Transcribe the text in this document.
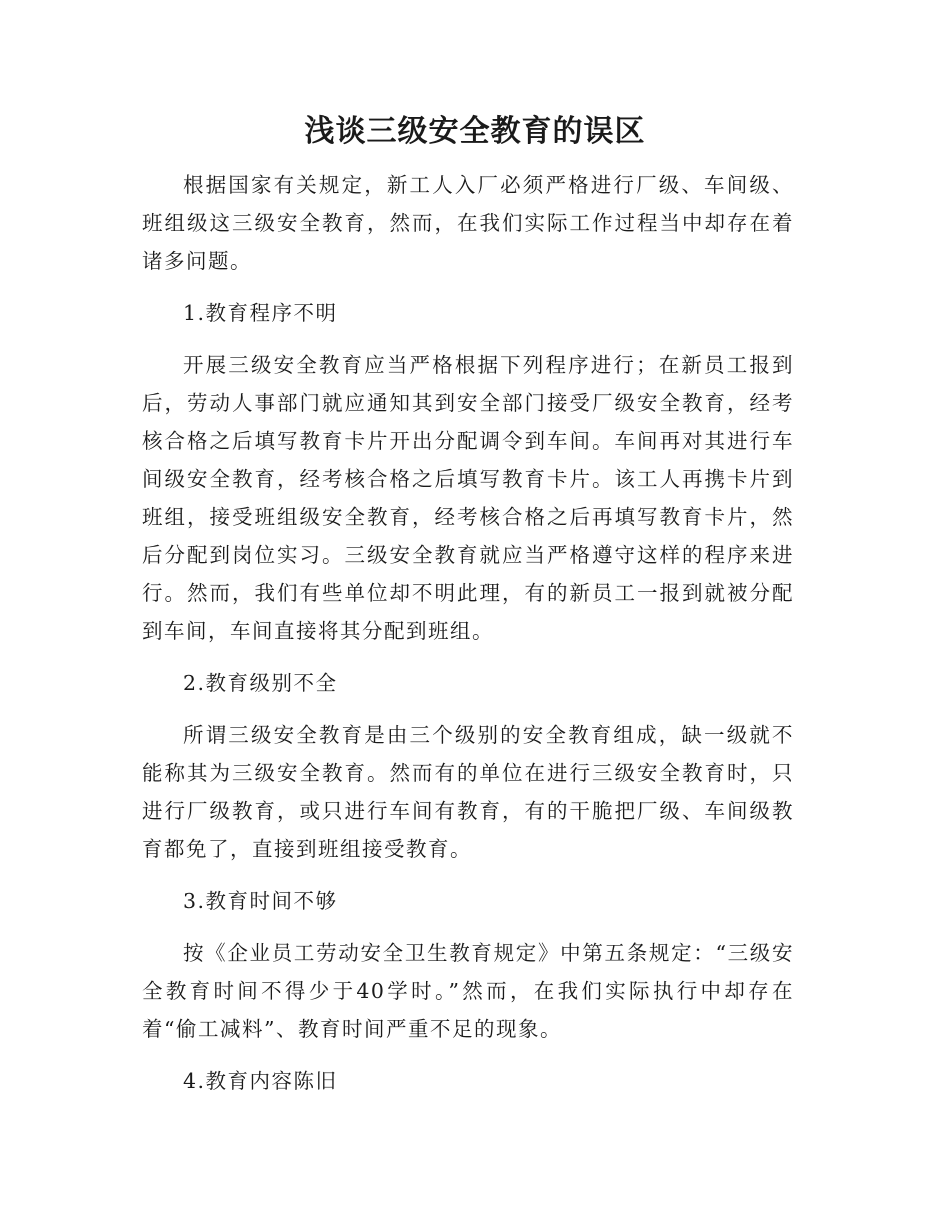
浅谈三级安全教育的误区

根据国家有关规定，新工人入厂必须严格进行厂级、车间级、班组级这三级安全教育，然而，在我们实际工作过程当中却存在着诸多问题。

1.教育程序不明

开展三级安全教育应当严格根据下列程序进行；在新员工报到后，劳动人事部门就应通知其到安全部门接受厂级安全教育，经考核合格之后填写教育卡片开出分配调令到车间。车间再对其进行车间级安全教育，经考核合格之后填写教育卡片。该工人再携卡片到班组，接受班组级安全教育，经考核合格之后再填写教育卡片，然后分配到岗位实习。三级安全教育就应当严格遵守这样的程序来进行。然而，我们有些单位却不明此理，有的新员工一报到就被分配到车间，车间直接将其分配到班组。

2.教育级别不全

所谓三级安全教育是由三个级别的安全教育组成，缺一级就不能称其为三级安全教育。然而有的单位在进行三级安全教育时，只进行厂级教育，或只进行车间有教育，有的干脆把厂级、车间级教育都免了，直接到班组接受教育。

3.教育时间不够

按《企业员工劳动安全卫生教育规定》中第五条规定：“三级安全教育时间不得少于40学时。”然而，在我们实际执行中却存在着“偷工减料”、教育时间严重不足的现象。

4.教育内容陈旧
